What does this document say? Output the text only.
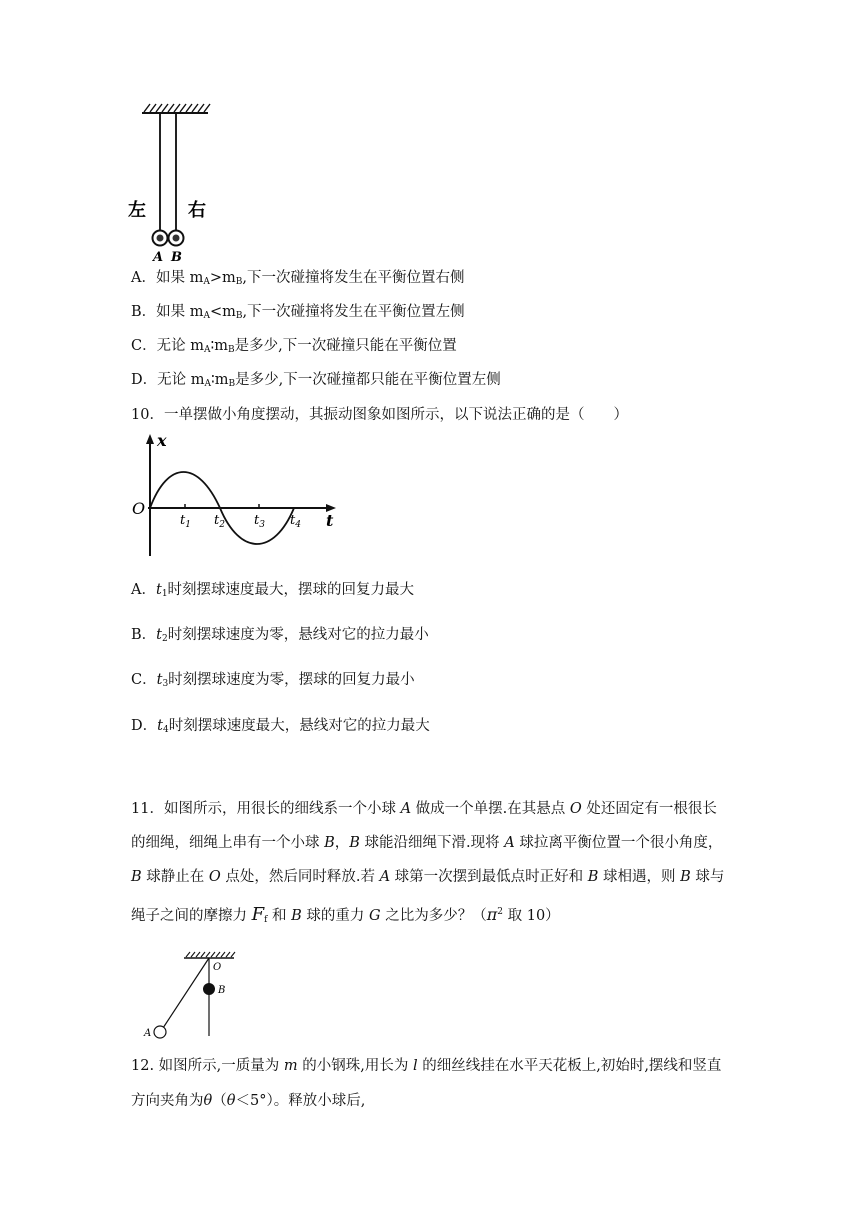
左 右
A B
A．如果 $m_A>m_B$,下一次碰撞将发生在平衡位置右侧
B．如果 $m_A<m_B$,下一次碰撞将发生在平衡位置左侧
C．无论 $m_A∶m_B$是多少,下一次碰撞只能在平衡位置
D．无论 $m_A∶m_B$是多少,下一次碰撞都只能在平衡位置左侧
10．一单摆做小角度摆动，其振动图象如图所示，以下说法正确的是（　　）
x
t
O
$t_1$ $t_2$ $t_3$ $t_4$
A．$t_1$时刻摆球速度最大，摆球的回复力最大
B．$t_2$时刻摆球速度为零，悬线对它的拉力最小
C．$t_3$时刻摆球速度为零，摆球的回复力最小
D．$t_4$时刻摆球速度最大，悬线对它的拉力最大
11．如图所示，用很长的细线系一个小球 A 做成一个单摆.在其悬点 O 处还固定有一根很长
的细绳，细绳上串有一个小球 B，B 球能沿细绳下滑.现将 A 球拉离平衡位置一个很小角度，
B 球静止在 O 点处，然后同时释放.若 A 球第一次摆到最低点时正好和 B 球相遇，则 B 球与
绳子之间的摩擦力 $F_f$ 和 B 球的重力 G 之比为多少？（$\pi^2$ 取 10）
O
B
A
12. 如图所示,一质量为 m 的小钢珠,用长为 l 的细丝线挂在水平天花板上,初始时,摆线和竖直
方向夹角为θ（θ＜5°）。释放小球后,
